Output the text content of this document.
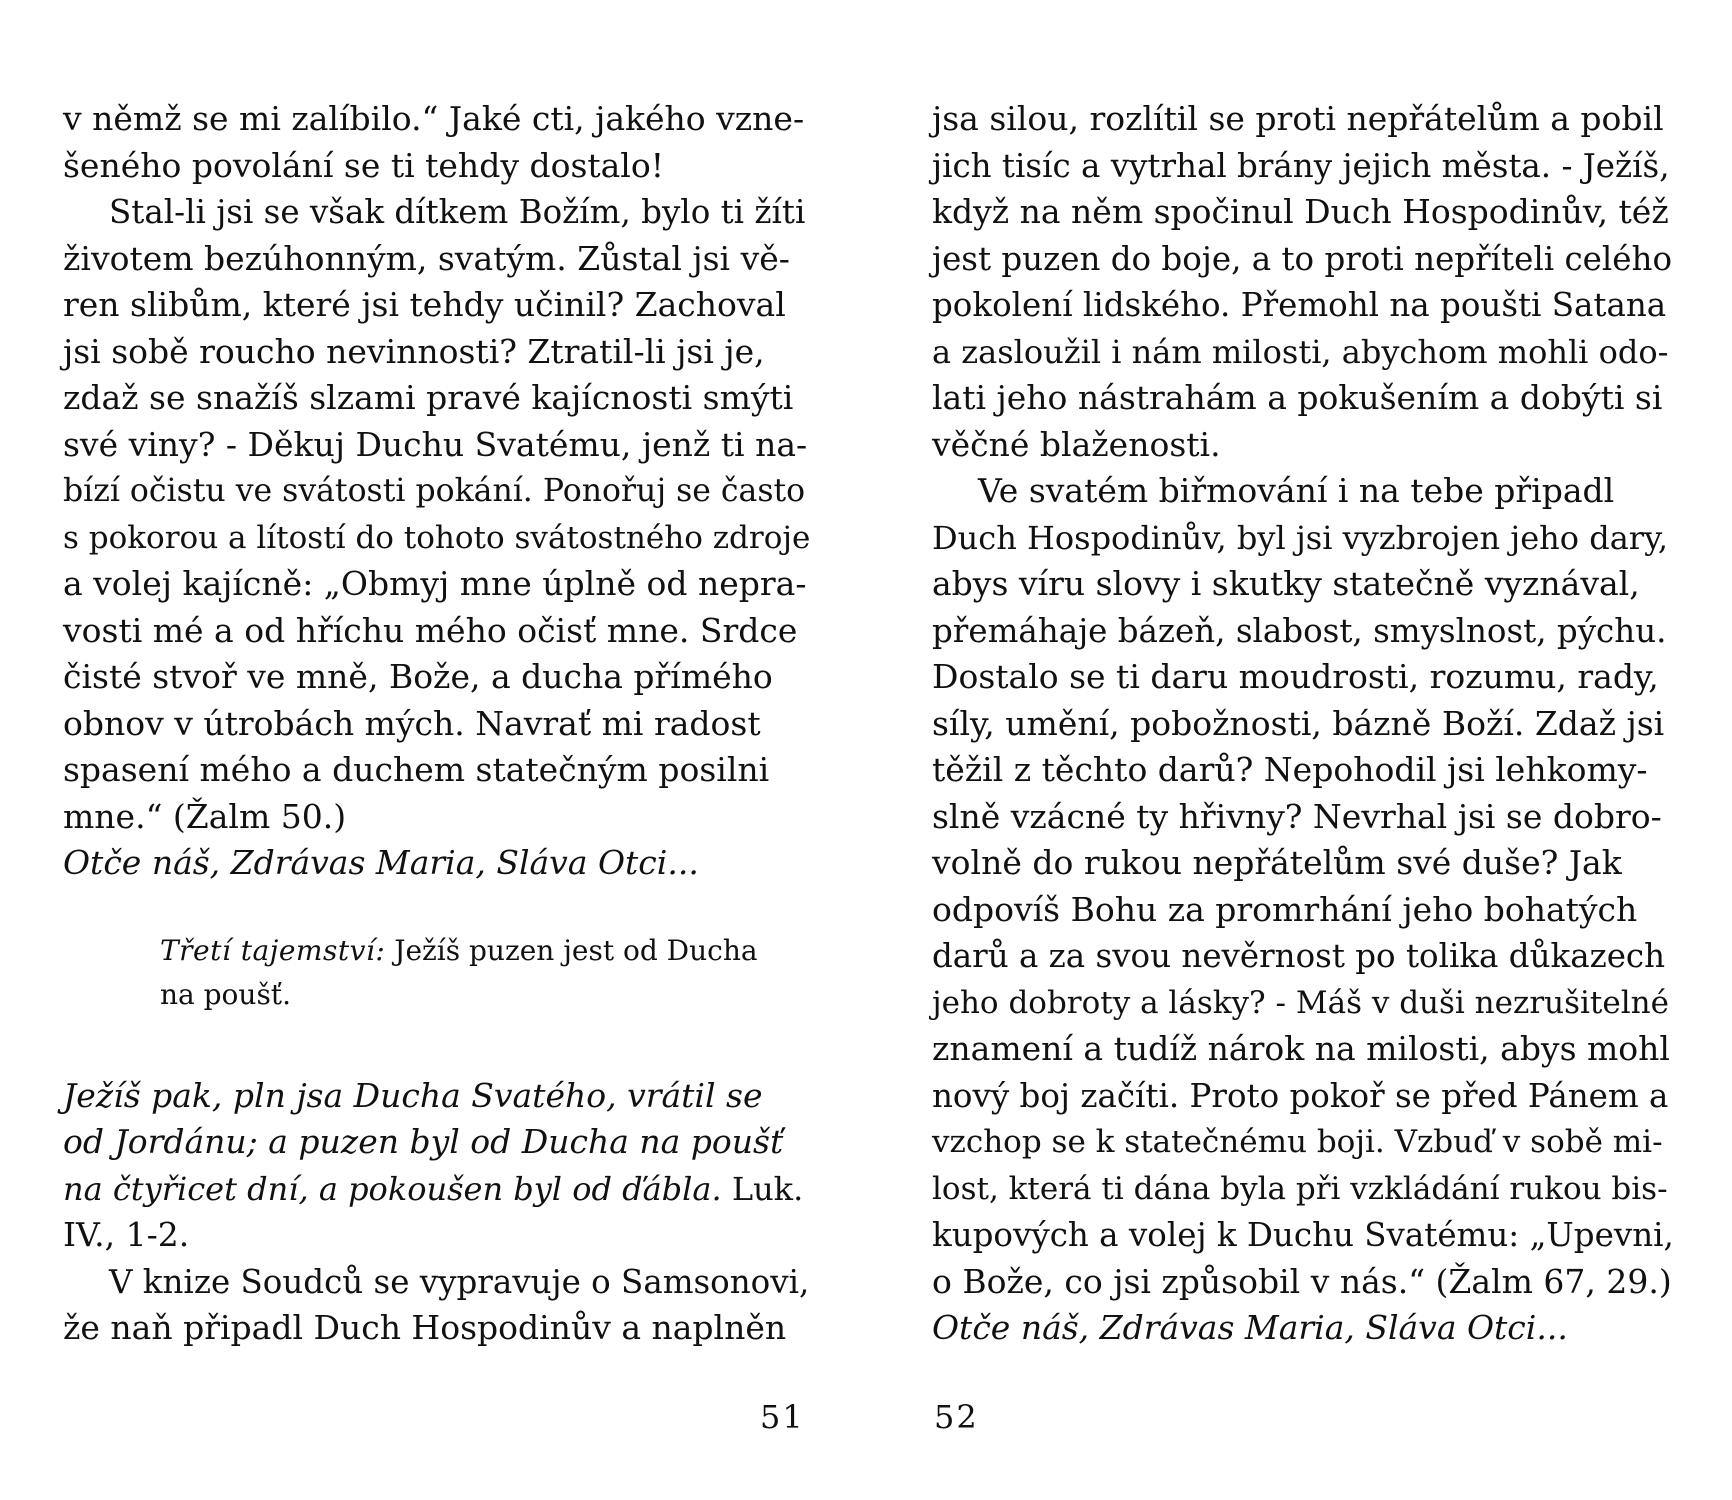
v němž se mi zalíbilo.“ Jaké cti, jakého vzne-
šeného povolání se ti tehdy dostalo!
Stal-li jsi se však dítkem Božím, bylo ti žíti
životem bezúhonným, svatým. Zůstal jsi vě-
ren slibům, které jsi tehdy učinil? Zachoval
jsi sobě roucho nevinnosti? Ztratil-li jsi je,
zdaž se snažíš slzami pravé kajícnosti smýti
své viny? - Děkuj Duchu Svatému, jenž ti na-
bízí očistu ve svátosti pokání. Ponořuj se často
s pokorou a lítostí do tohoto svátostného zdroje
a volej kajícně: „Obmyj mne úplně od nepra-
vosti mé a od hříchu mého očisť mne. Srdce
čisté stvoř ve mně, Bože, a ducha přímého
obnov v útrobách mých. Navrať mi radost
spasení mého a duchem statečným posilni
mne.“ (Žalm 50.)
Otče náš, Zdrávas Maria, Sláva Otci...
Třetí tajemství: Ježíš puzen jest od Ducha
na poušť.
Ježíš pak, pln jsa Ducha Svatého, vrátil se
od Jordánu; a puzen byl od Ducha na poušť
na čtyřicet dní, a pokoušen byl od ďábla. Luk.
IV., 1-2.
V knize Soudců se vypravuje o Samsonovi,
že naň připadl Duch Hospodinův a naplněn
jsa silou, rozlítil se proti nepřátelům a pobil
jich tisíc a vytrhal brány jejich města. - Ježíš,
když na něm spočinul Duch Hospodinův, též
jest puzen do boje, a to proti nepříteli celého
pokolení lidského. Přemohl na poušti Satana
a zasloužil i nám milosti, abychom mohli odo-
lati jeho nástrahám a pokušením a dobýti si
věčné blaženosti.
Ve svatém biřmování i na tebe připadl
Duch Hospodinův, byl jsi vyzbrojen jeho dary,
abys víru slovy i skutky statečně vyznával,
přemáhaje bázeň, slabost, smyslnost, pýchu.
Dostalo se ti daru moudrosti, rozumu, rady,
síly, umění, pobožnosti, bázně Boží. Zdaž jsi
těžil z těchto darů? Nepohodil jsi lehkomy-
slně vzácné ty hřivny? Nevrhal jsi se dobro-
volně do rukou nepřátelům své duše? Jak
odpovíš Bohu za promrhání jeho bohatých
darů a za svou nevěrnost po tolika důkazech
jeho dobroty a lásky? - Máš v duši nezrušitelné
znamení a tudíž nárok na milosti, abys mohl
nový boj začíti. Proto pokoř se před Pánem a
vzchop se k statečnému boji. Vzbuď v sobě mi-
lost, která ti dána byla při vzkládání rukou bis-
kupových a volej k Duchu Svatému: „Upevni,
o Bože, co jsi způsobil v nás.“ (Žalm 67, 29.)
Otče náš, Zdrávas Maria, Sláva Otci...
51	52
